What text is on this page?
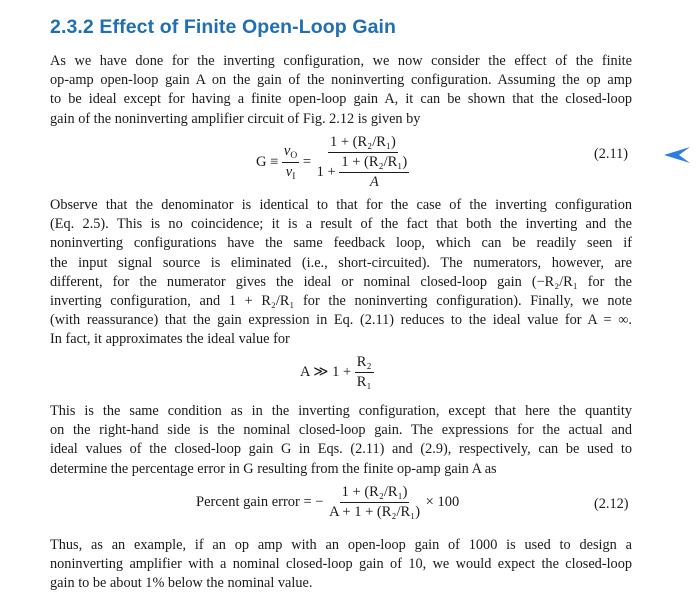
2.3.2 Effect of Finite Open-Loop Gain
As we have done for the inverting configuration, we now consider the effect of the finite
op-amp open-loop gain A on the gain of the noninverting configuration. Assuming the op amp
to be ideal except for having a finite open-loop gain A, it can be shown that the closed-loop
gain of the noninverting amplifier circuit of Fig. 2.12 is given by
$G \equiv \frac{v_O}{v_I} = \frac{\text{1 + (R₂/R₁)}}{1 + \frac{\text{1 + (R₂/R₁)}}{A}}$	(2.11)
Observe that the denominator is identical to that for the case of the inverting configuration
(Eq. 2.5). This is no coincidence; it is a result of the fact that both the inverting and the
noninverting configurations have the same feedback loop, which can be readily seen if
the input signal source is eliminated (i.e., short-circuited). The numerators, however, are
different, for the numerator gives the ideal or nominal closed-loop gain (−R₂/R₁ for the
inverting configuration, and 1 + R₂/R₁ for the noninverting configuration). Finally, we note
(with reassurance) that the gain expression in Eq. (2.11) reduces to the ideal value for A = ∞.
In fact, it approximates the ideal value for
A ≫ $1 + \frac{\text{R₂}}{\text{R₁}}$
This is the same condition as in the inverting configuration, except that here the quantity
on the right-hand side is the nominal closed-loop gain. The expressions for the actual and
ideal values of the closed-loop gain G in Eqs. (2.11) and (2.9), respectively, can be used to
determine the percentage error in G resulting from the finite op-amp gain A as
Percent gain error = − $\frac{\text{1 + (R₂/R₁)}}{\text{A + 1 + (R₂/R₁)}} \times 100$	(2.12)
Thus, as an example, if an op amp with an open-loop gain of 1000 is used to design a
noninverting amplifier with a nominal closed-loop gain of 10, we would expect the closed-loop
gain to be about 1% below the nominal value.
